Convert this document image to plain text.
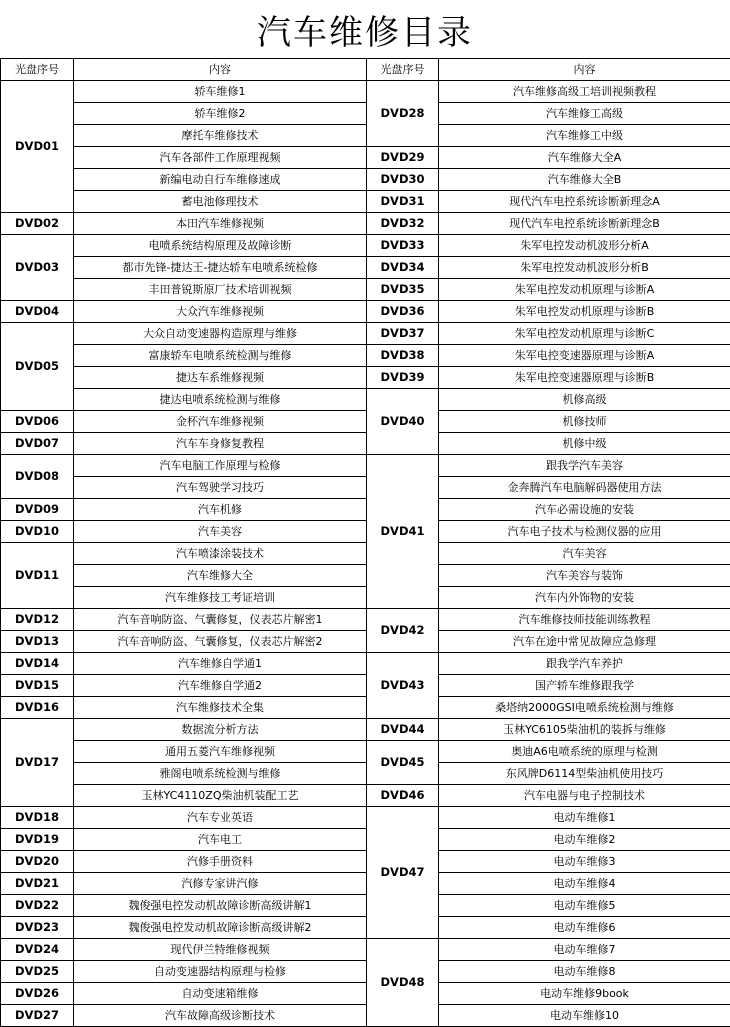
汽车维修目录
光盘序号	内容	光盘序号	内容
DVD01	轿车维修1	DVD28	汽车维修高级工培训视频教程
	轿车维修2		汽车维修工高级
	摩托车维修技术		汽车维修工中级
	汽车各部件工作原理视频	DVD29	汽车维修大全A
	新编电动自行车维修速成	DVD30	汽车维修大全B
	蓄电池修理技术	DVD31	现代汽车电控系统诊断新理念A
DVD02	本田汽车维修视频	DVD32	现代汽车电控系统诊断新理念B
DVD03	电喷系统结构原理及故障诊断	DVD33	朱军电控发动机波形分析A
	都市先锋-捷达王-捷达轿车电喷系统检修	DVD34	朱军电控发动机波形分析B
	丰田普锐斯原厂技术培训视频	DVD35	朱军电控发动机原理与诊断A
DVD04	大众汽车维修视频	DVD36	朱军电控发动机原理与诊断B
DVD05	大众自动变速器构造原理与维修	DVD37	朱军电控发动机原理与诊断C
	富康轿车电喷系统检测与维修	DVD38	朱军电控变速器原理与诊断A
	捷达车系维修视频	DVD39	朱军电控变速器原理与诊断B
	捷达电喷系统检测与维修	DVD40	机修高级
DVD06	金杯汽车维修视频		机修技师
DVD07	汽车车身修复教程		机修中级
DVD08	汽车电脑工作原理与检修	DVD41	跟我学汽车美容
	汽车驾驶学习技巧		金奔腾汽车电脑解码器使用方法
DVD09	汽车机修		汽车必需设施的安装
DVD10	汽车美容		汽车电子技术与检测仪器的应用
DVD11	汽车喷漆涂装技术		汽车美容
	汽车维修大全		汽车美容与装饰
	汽车维修技工考证培训		汽车内外饰物的安装
DVD12	汽车音响防盗、气囊修复，仪表芯片解密1	DVD42	汽车维修技师技能训练教程
DVD13	汽车音响防盗、气囊修复，仪表芯片解密2		汽车在途中常见故障应急修理
DVD14	汽车维修自学通1	DVD43	跟我学汽车养护
DVD15	汽车维修自学通2		国产轿车维修跟我学
DVD16	汽车维修技术全集		桑塔纳2000GSI电喷系统检测与维修
DVD17	数据流分析方法	DVD44	玉林YC6105柴油机的装拆与维修
	通用五菱汽车维修视频	DVD45	奥迪A6电喷系统的原理与检测
	雅阁电喷系统检测与维修		东风牌D6114型柴油机使用技巧
	玉林YC4110ZQ柴油机装配工艺	DVD46	汽车电器与电子控制技术
DVD18	汽车专业英语	DVD47	电动车维修1
DVD19	汽车电工		电动车维修2
DVD20	汽修手册资料		电动车维修3
DVD21	汽修专家讲汽修		电动车维修4
DVD22	魏俊强电控发动机故障诊断高级讲解1		电动车维修5
DVD23	魏俊强电控发动机故障诊断高级讲解2		电动车维修6
DVD24	现代伊兰特维修视频	DVD48	电动车维修7
DVD25	自动变速器结构原理与检修		电动车维修8
DVD26	自动变速箱维修		电动车维修9book
DVD27	汽车故障高级诊断技术		电动车维修10
